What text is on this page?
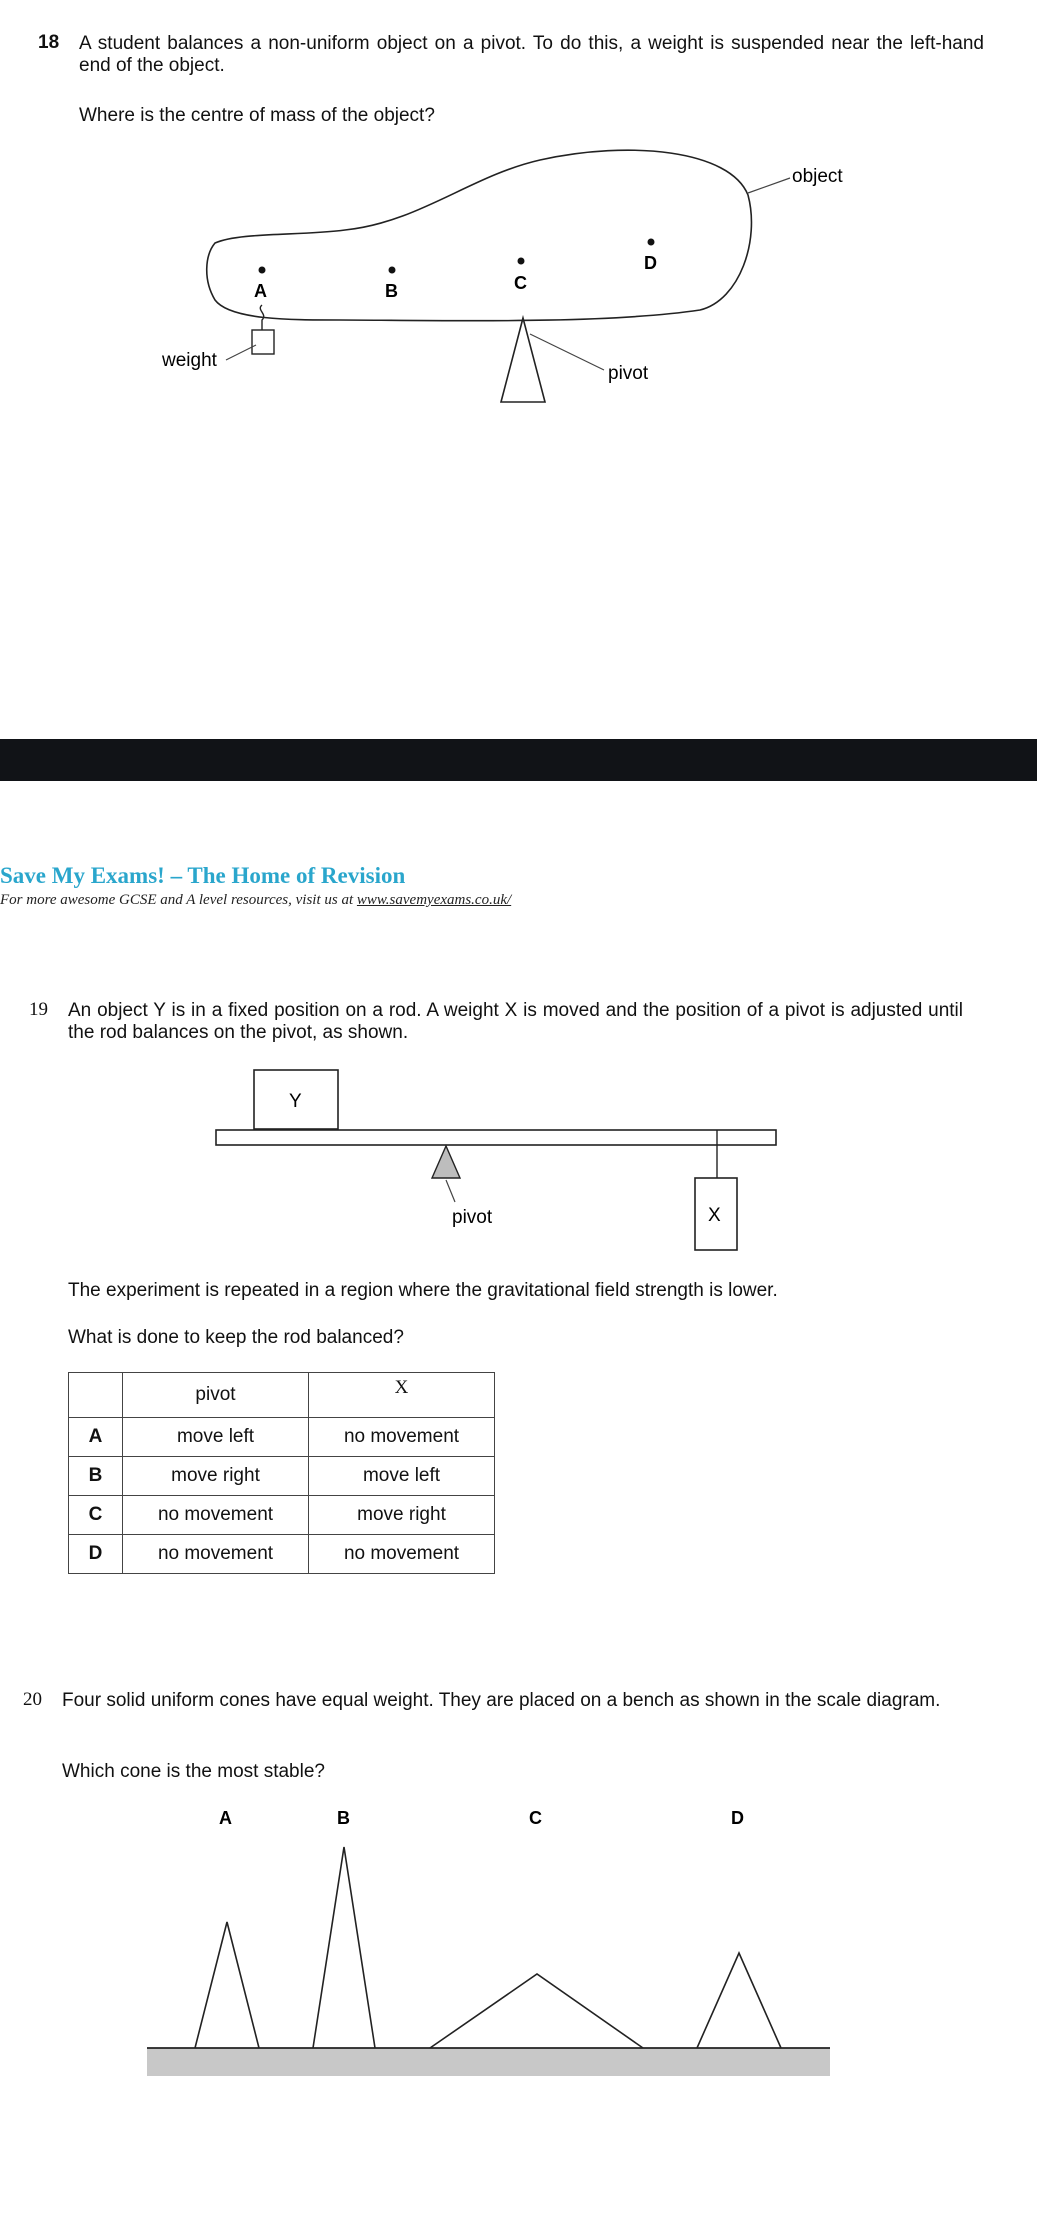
18 A student balances a non-uniform object on a pivot. To do this, a weight is suspended near the left-hand end of the object.
Where is the centre of mass of the object?
object
A	B	C
D
weight
pivot
Save My Exams! – The Home of Revision
For more awesome GCSE and A level resources, visit us at www.savemyexams.co.uk/
19 An object Y is in a fixed position on a rod. A weight X is moved and the position of a pivot is adjusted until the rod balances on the pivot, as shown.
Y
pivot	X
The experiment is repeated in a region where the gravitational field strength is lower.
What is done to keep the rod balanced?
	pivot	X
A	move left	no movement
B	move right	move left
C	no movement	move right
D	no movement	no movement
20 Four solid uniform cones have equal weight. They are placed on a bench as shown in the scale diagram.
Which cone is the most stable?
A	B	C	D
